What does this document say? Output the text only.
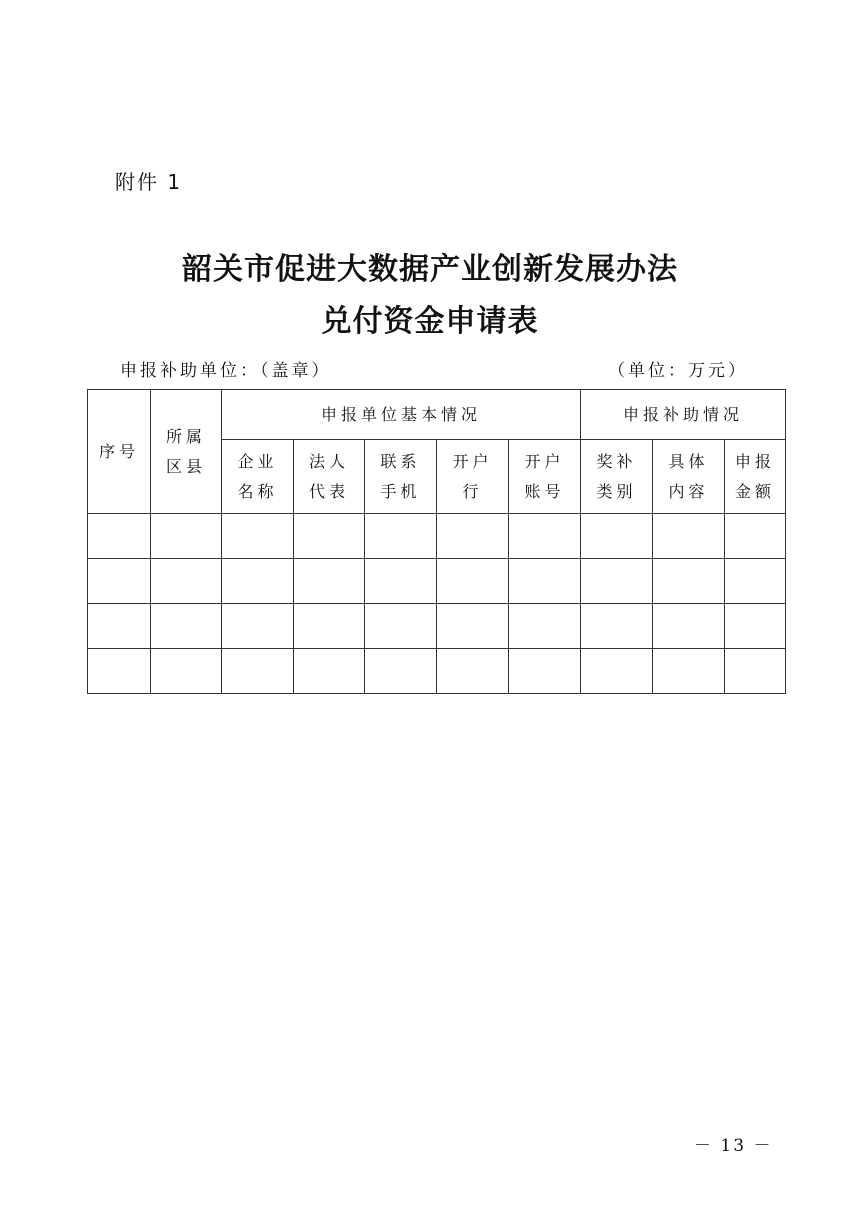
附件 1
韶关市促进大数据产业创新发展办法
兑付资金申请表
申报补助单位：（盖章）	（单位：万元）
序号	所属区县	申报单位基本情况					申报补助情况		
		企业名称	法人代表	联系手机	开户行	开户账号	奖补类别	具体内容	申报金额

－ 13 －
